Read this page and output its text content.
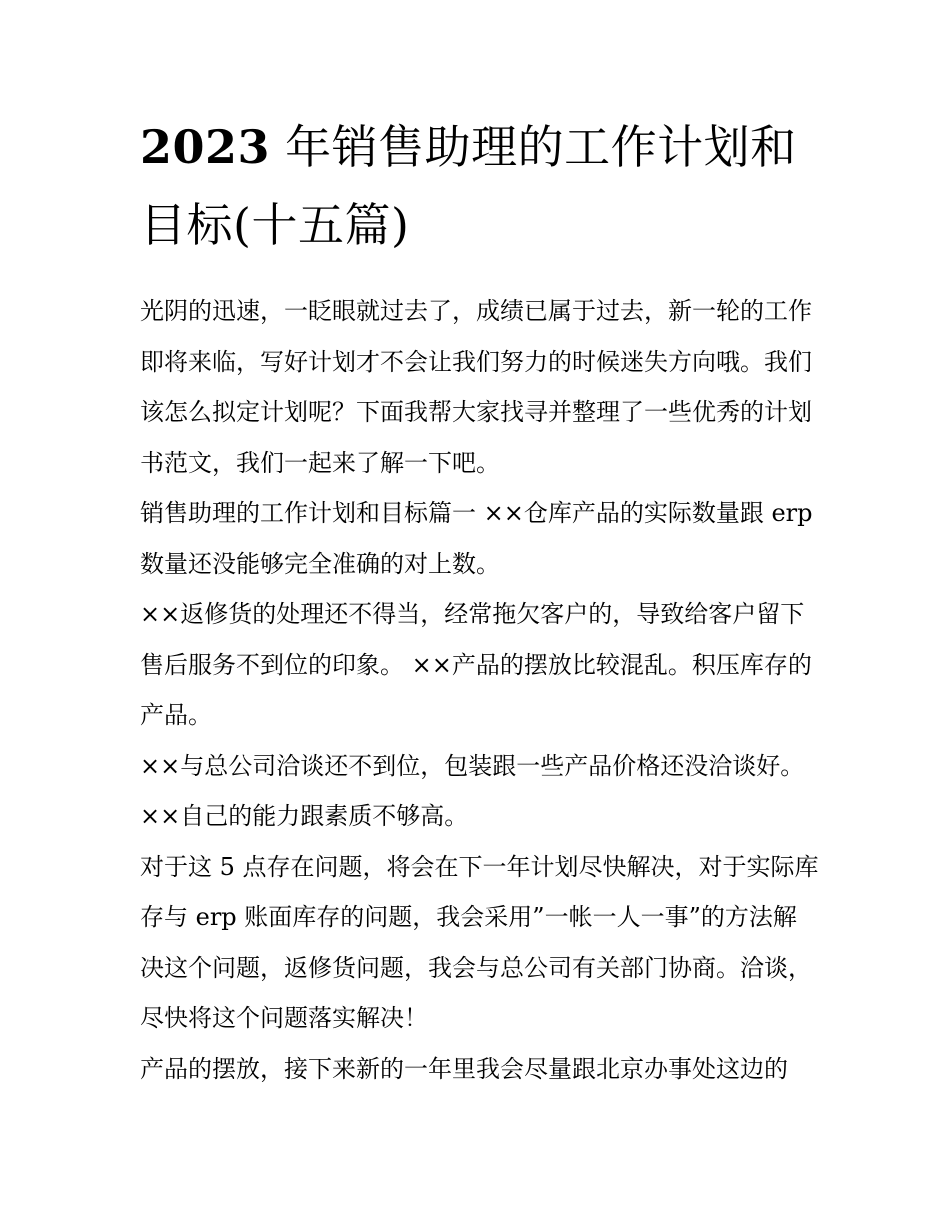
2023 年销售助理的工作计划和目标(十五篇)

光阴的迅速，一眨眼就过去了，成绩已属于过去，新一轮的工作即将来临，写好计划才不会让我们努力的时候迷失方向哦。我们该怎么拟定计划呢？下面我帮大家找寻并整理了一些优秀的计划书范文，我们一起来了解一下吧。

销售助理的工作计划和目标篇一 ××仓库产品的实际数量跟 erp 数量还没能够完全准确的对上数。

××返修货的处理还不得当，经常拖欠客户的，导致给客户留下售后服务不到位的印象。 ××产品的摆放比较混乱。积压库存的产品。

××与总公司洽谈还不到位，包装跟一些产品价格还没洽谈好。 ××自己的能力跟素质不够高。

对于这 5 点存在问题，将会在下一年计划尽快解决，对于实际库存与 erp 账面库存的问题，我会采用”一帐一人一事”的方法解决这个问题，返修货问题，我会与总公司有关部门协商。洽谈，尽快将这个问题落实解决！

产品的摆放，接下来新的一年里我会尽量跟北京办事处这边的
